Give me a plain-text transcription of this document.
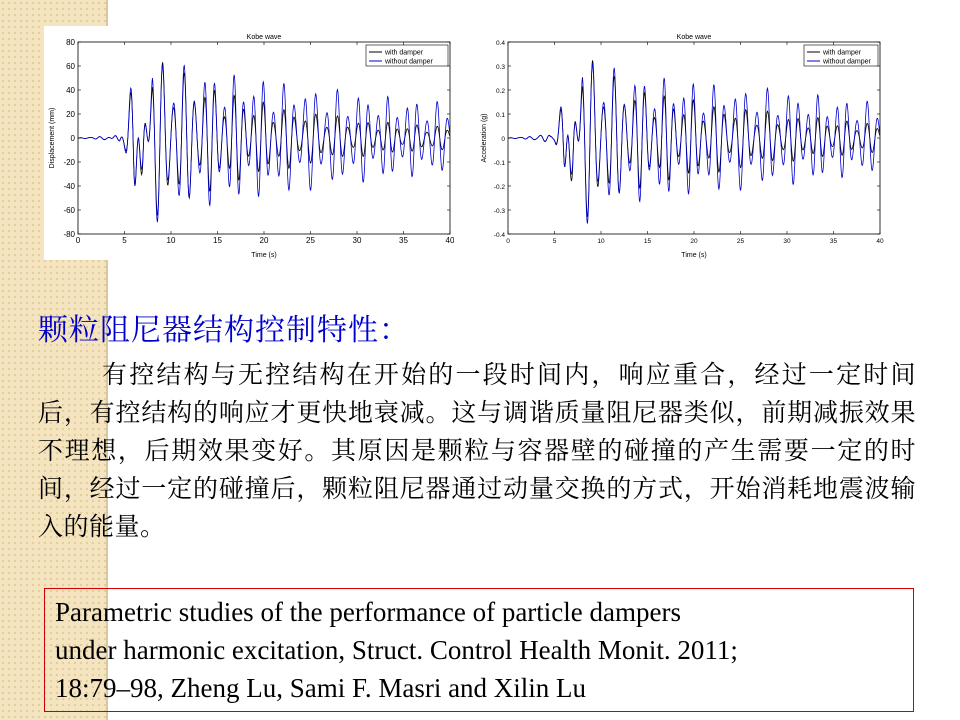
Kobe wave
0	5	10	15	20	25	30	35	40
-80
-60
-40
-20
0
20
40
60
80
Time (s)
Displacement (mm)
with damper
without damper
Kobe wave
0	5	10	15	20	25	30	35	40
-0.4
-0.3
-0.2
-0.1
0
0.1
0.2
0.3
0.4
Time (s)
Acceleration (g)
with damper
without damper
颗粒阻尼器结构控制特性：

有控结构与无控结构在开始的一段时间内，响应重合，经过一定时间后，有控结构的响应才更快地衰减。这与调谐质量阻尼器类似，前期减振效果不理想，后期效果变好。其原因是颗粒与容器壁的碰撞的产生需要一定的时间，经过一定的碰撞后，颗粒阻尼器通过动量交换的方式，开始消耗地震波输入的能量。

Parametric studies of the performance of particle dampers
under harmonic excitation, Struct. Control Health Monit. 2011;
18:79–98, Zheng Lu, Sami F. Masri and Xilin Lu
